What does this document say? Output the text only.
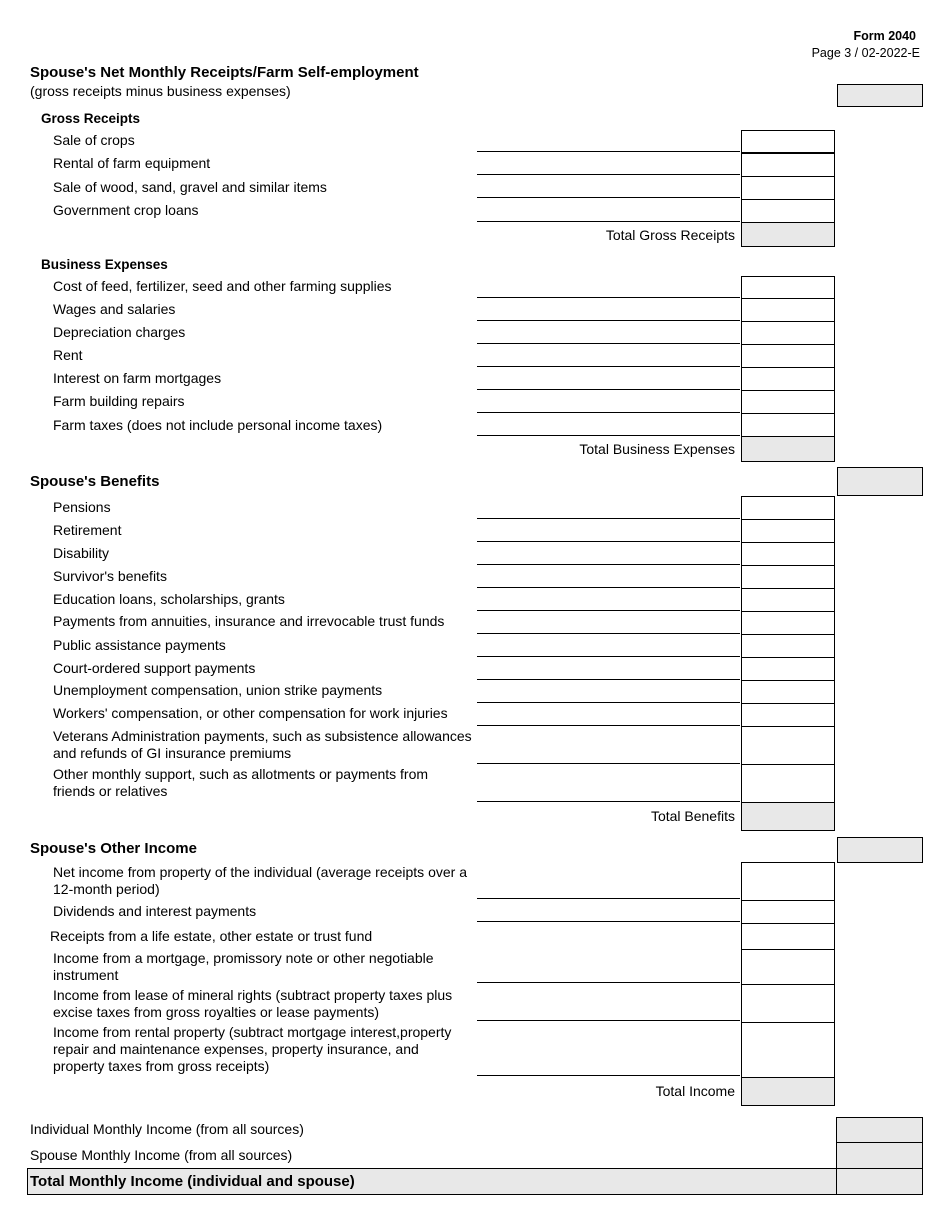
Form 2040
Page 3 / 02-2022-E
Spouse's Net Monthly Receipts/Farm Self-employment
(gross receipts minus business expenses)
Gross Receipts
Sale of crops
Rental of farm equipment
Sale of wood, sand, gravel and similar items
Government crop loans
Total Gross Receipts
Business Expenses
Cost of feed, fertilizer, seed and other farming supplies
Wages and salaries
Depreciation charges
Rent
Interest on farm mortgages
Farm building repairs
Farm taxes (does not include personal income taxes)
Total Business Expenses
Spouse's Benefits
Pensions
Retirement
Disability
Survivor's benefits
Education loans, scholarships, grants
Payments from annuities, insurance and irrevocable trust funds
Public assistance payments
Court-ordered support payments
Unemployment compensation, union strike payments
Workers' compensation, or other compensation for work injuries
Veterans Administration payments, such as subsistence allowances and refunds of GI insurance premiums
Other monthly support, such as allotments or payments from friends or relatives
Total Benefits
Spouse's Other Income
Net income from property of the individual (average receipts over a 12-month period)
Dividends and interest payments
Receipts from a life estate, other estate or trust fund
Income from a mortgage, promissory note or other negotiable instrument
Income from lease of mineral rights (subtract property taxes plus excise taxes from gross royalties or lease payments)
Income from rental property (subtract mortgage interest,property repair and maintenance expenses, property insurance, and property taxes from gross receipts)
Total Income
Individual Monthly Income (from all sources)
Spouse Monthly Income (from all sources)
Total Monthly Income (individual and spouse)
